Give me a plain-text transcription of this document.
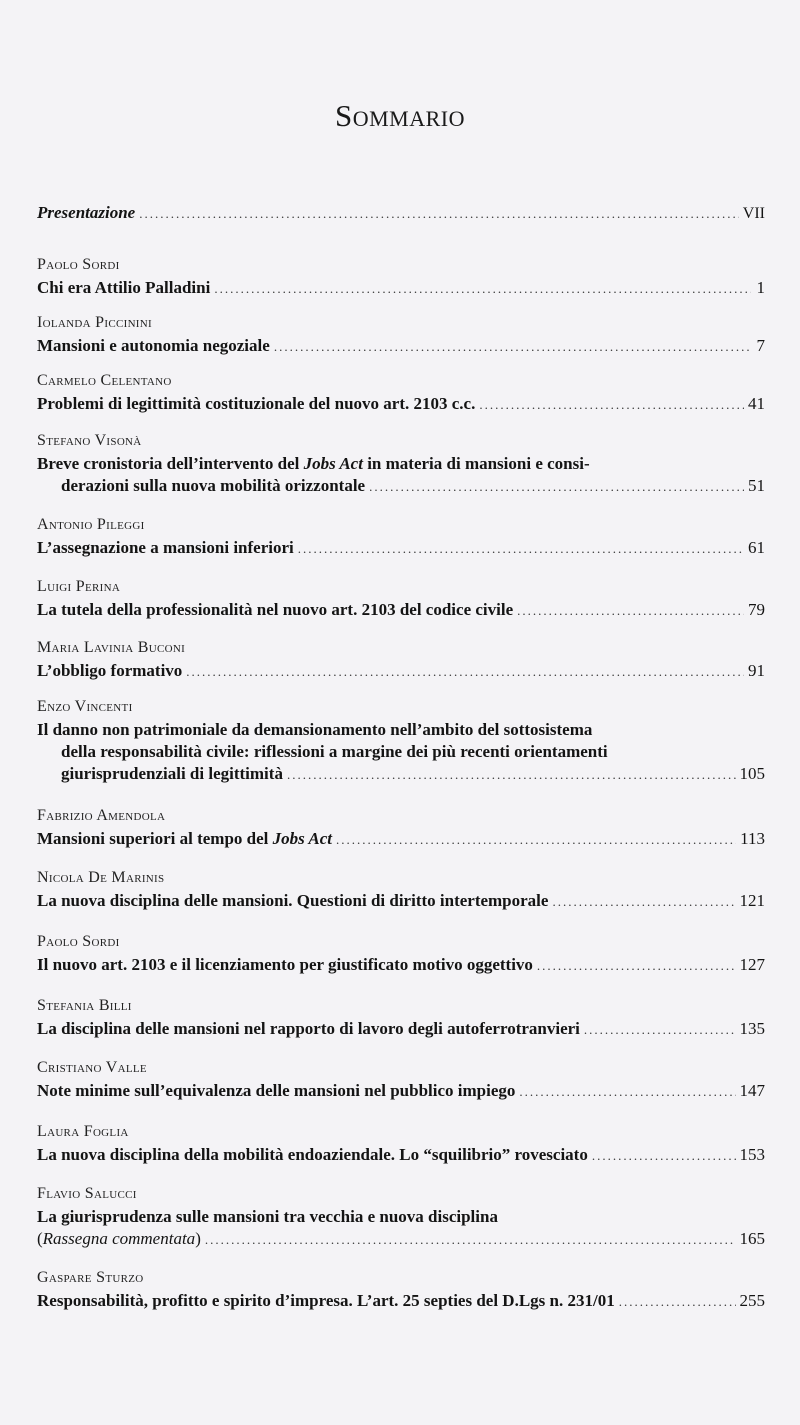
Sommario
Presentazione .....	VII
Paolo Sordi
Chi era Attilio Palladini .....	1
Iolanda Piccinini
Mansioni e autonomia negoziale .....	7
Carmelo Celentano
Problemi di legittimità costituzionale del nuovo art. 2103 c.c. .....	41
Stefano Visonà
Breve cronistoria dell’intervento del Jobs Act in materia di mansioni e consi-
derazioni sulla nuova mobilità orizzontale .....	51
Antonio Pileggi
L’assegnazione a mansioni inferiori .....	61
Luigi Perina
La tutela della professionalità nel nuovo art. 2103 del codice civile .....	79
Maria Lavinia Buconi
L’obbligo formativo .....	91
Enzo Vincenti
Il danno non patrimoniale da demansionamento nell’ambito del sottosistema
della responsabilità civile: riflessioni a margine dei più recenti orientamenti
giurisprudenziali di legittimità .....	105
Fabrizio Amendola
Mansioni superiori al tempo del Jobs Act .....	113
Nicola De Marinis
La nuova disciplina delle mansioni. Questioni di diritto intertemporale .....	121
Paolo Sordi
Il nuovo art. 2103 e il licenziamento per giustificato motivo oggettivo .....	127
Stefania Billi
La disciplina delle mansioni nel rapporto di lavoro degli autoferrotranvieri .....	135
Cristiano Valle
Note minime sull’equivalenza delle mansioni nel pubblico impiego .....	147
Laura Foglia
La nuova disciplina della mobilità endoaziendale. Lo “squilibrio” rovesciato .....	153
Flavio Salucci
La giurisprudenza sulle mansioni tra vecchia e nuova disciplina
(Rassegna commentata) .....	165
Gaspare Sturzo
Responsabilità, profitto e spirito d’impresa. L’art. 25 septies del D.Lgs n. 231/01 .....	255
